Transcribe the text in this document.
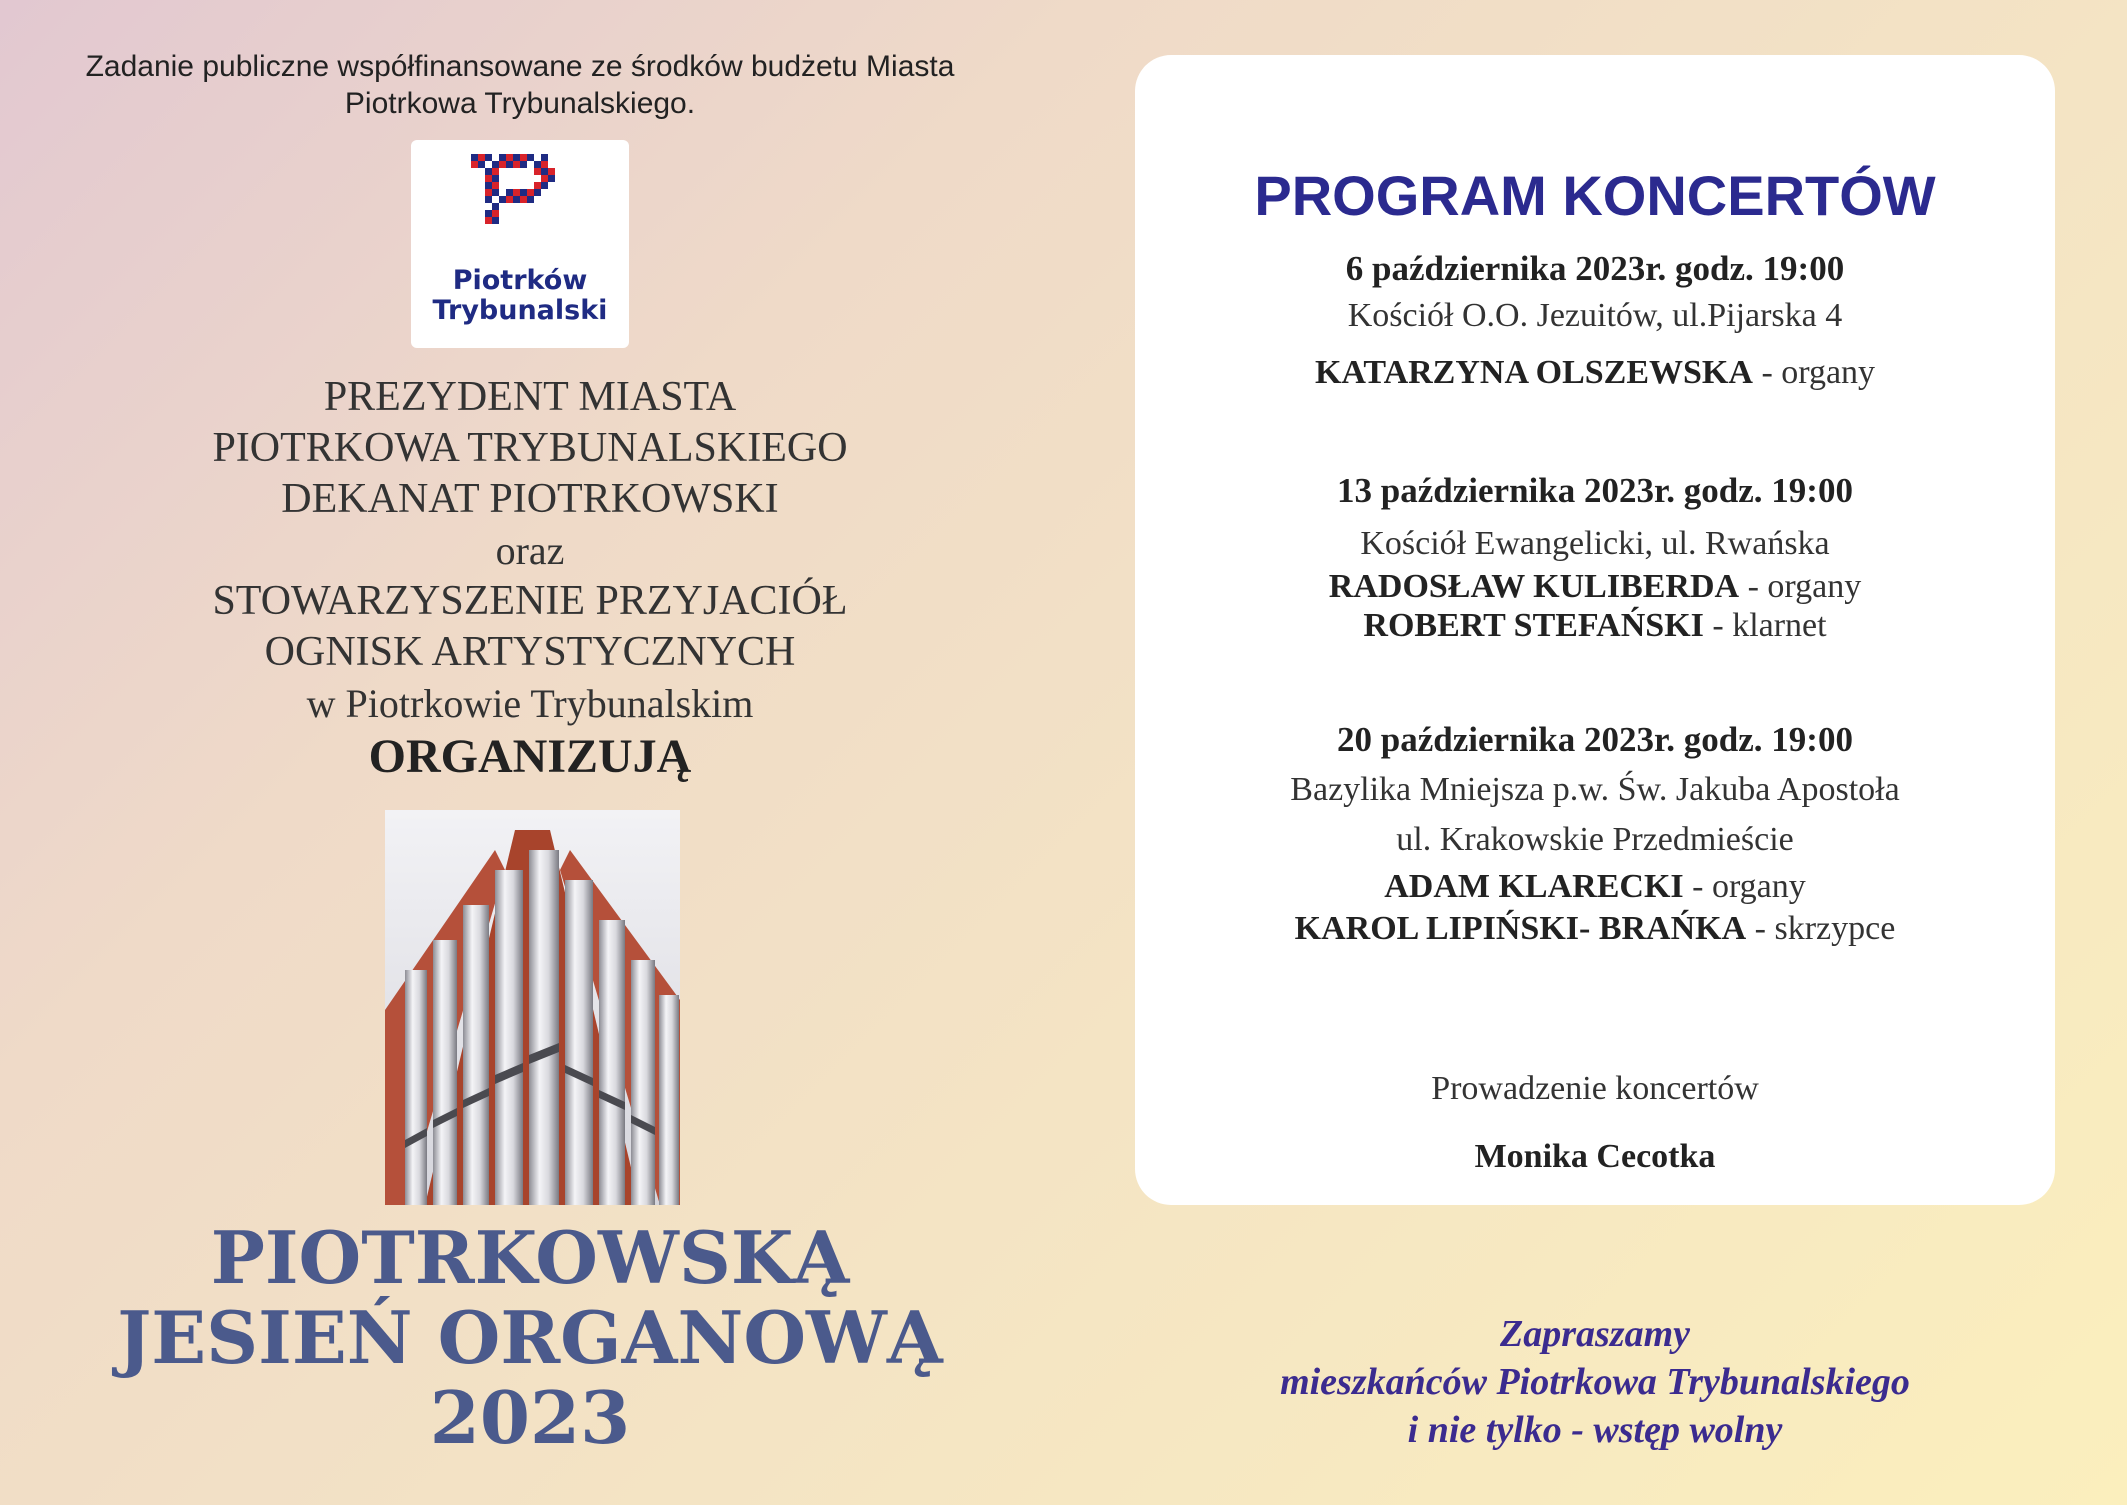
Zadanie publiczne współfinansowane ze środków budżetu Miasta
Piotrkowa Trybunalskiego.
Piotrków
Trybunalski
PREZYDENT MIASTA
PIOTRKOWA TRYBUNALSKIEGO
DEKANAT PIOTRKOWSKI
oraz
STOWARZYSZENIE PRZYJACIÓŁ
OGNISK ARTYSTYCZNYCH
w Piotrkowie Trybunalskim
ORGANIZUJĄ
PIOTRKOWSKĄ
JESIEŃ ORGANOWĄ
2023
PROGRAM KONCERTÓW
6 października 2023r. godz. 19:00
Kościół O.O. Jezuitów, ul.Pijarska 4
KATARZYNA OLSZEWSKA - organy
13 października 2023r. godz. 19:00
Kościół Ewangelicki, ul. Rwańska
RADOSŁAW KULIBERDA - organy
ROBERT STEFAŃSKI - klarnet
20 października 2023r. godz. 19:00
Bazylika Mniejsza p.w. Św. Jakuba Apostoła
ul. Krakowskie Przedmieście
ADAM KLARECKI - organy
KAROL LIPIŃSKI- BRAŃKA - skrzypce
Prowadzenie koncertów
Monika Cecotka
Zapraszamy
mieszkańców Piotrkowa Trybunalskiego
i nie tylko - wstęp wolny
